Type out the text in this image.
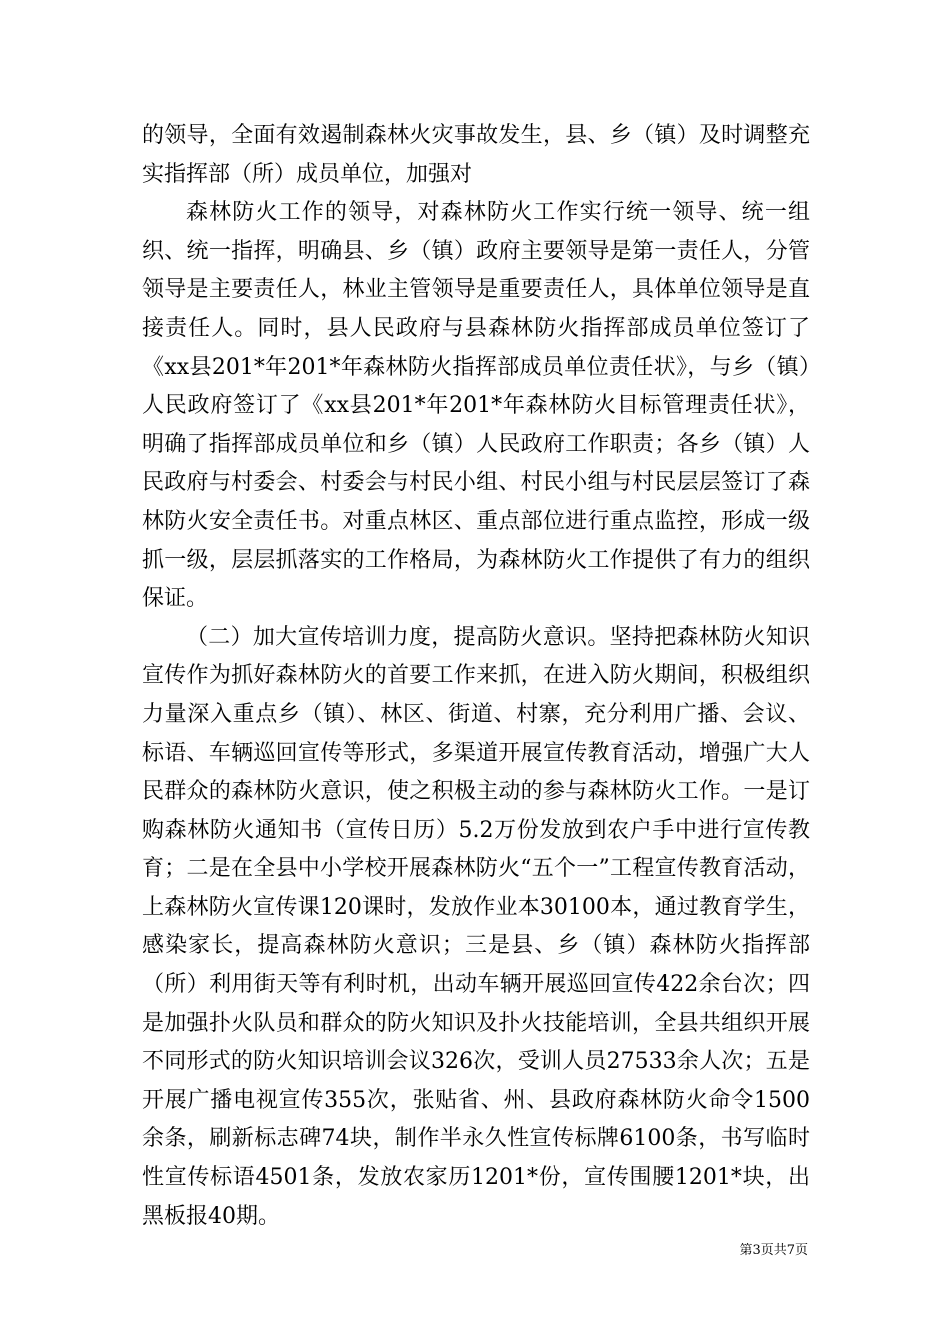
的领导，全面有效遏制森林火灾事故发生，县、乡（镇）及时调整充实指挥部（所）成员单位，加强对

森林防火工作的领导，对森林防火工作实行统一领导、统一组织、统一指挥，明确县、乡（镇）政府主要领导是第一责任人，分管领导是主要责任人，林业主管领导是重要责任人，具体单位领导是直接责任人。同时，县人民政府与县森林防火指挥部成员单位签订了《xx县201*年201*年森林防火指挥部成员单位责任状》，与乡（镇）人民政府签订了《xx县201*年201*年森林防火目标管理责任状》，明确了指挥部成员单位和乡（镇）人民政府工作职责；各乡（镇）人民政府与村委会、村委会与村民小组、村民小组与村民层层签订了森林防火安全责任书。对重点林区、重点部位进行重点监控，形成一级抓一级，层层抓落实的工作格局，为森林防火工作提供了有力的组织保证。

（二）加大宣传培训力度，提高防火意识。坚持把森林防火知识宣传作为抓好森林防火的首要工作来抓，在进入防火期间，积极组织力量深入重点乡（镇）、林区、街道、村寨，充分利用广播、会议、标语、车辆巡回宣传等形式，多渠道开展宣传教育活动，增强广大人民群众的森林防火意识，使之积极主动的参与森林防火工作。一是订购森林防火通知书（宣传日历）5.2万份发放到农户手中进行宣传教育；二是在全县中小学校开展森林防火“五个一”工程宣传教育活动，上森林防火宣传课120课时，发放作业本30100本，通过教育学生，感染家长，提高森林防火意识；三是县、乡（镇）森林防火指挥部（所）利用街天等有利时机，出动车辆开展巡回宣传422余台次；四是加强扑火队员和群众的防火知识及扑火技能培训，全县共组织开展不同形式的防火知识培训会议326次，受训人员27533余人次；五是开展广播电视宣传355次，张贴省、州、县政府森林防火命令1500余条，刷新标志碑74块，制作半永久性宣传标牌6100条，书写临时性宣传标语4501条，发放农家历1201*份，宣传围腰1201*块，出黑板报40期。

第3页共7页
